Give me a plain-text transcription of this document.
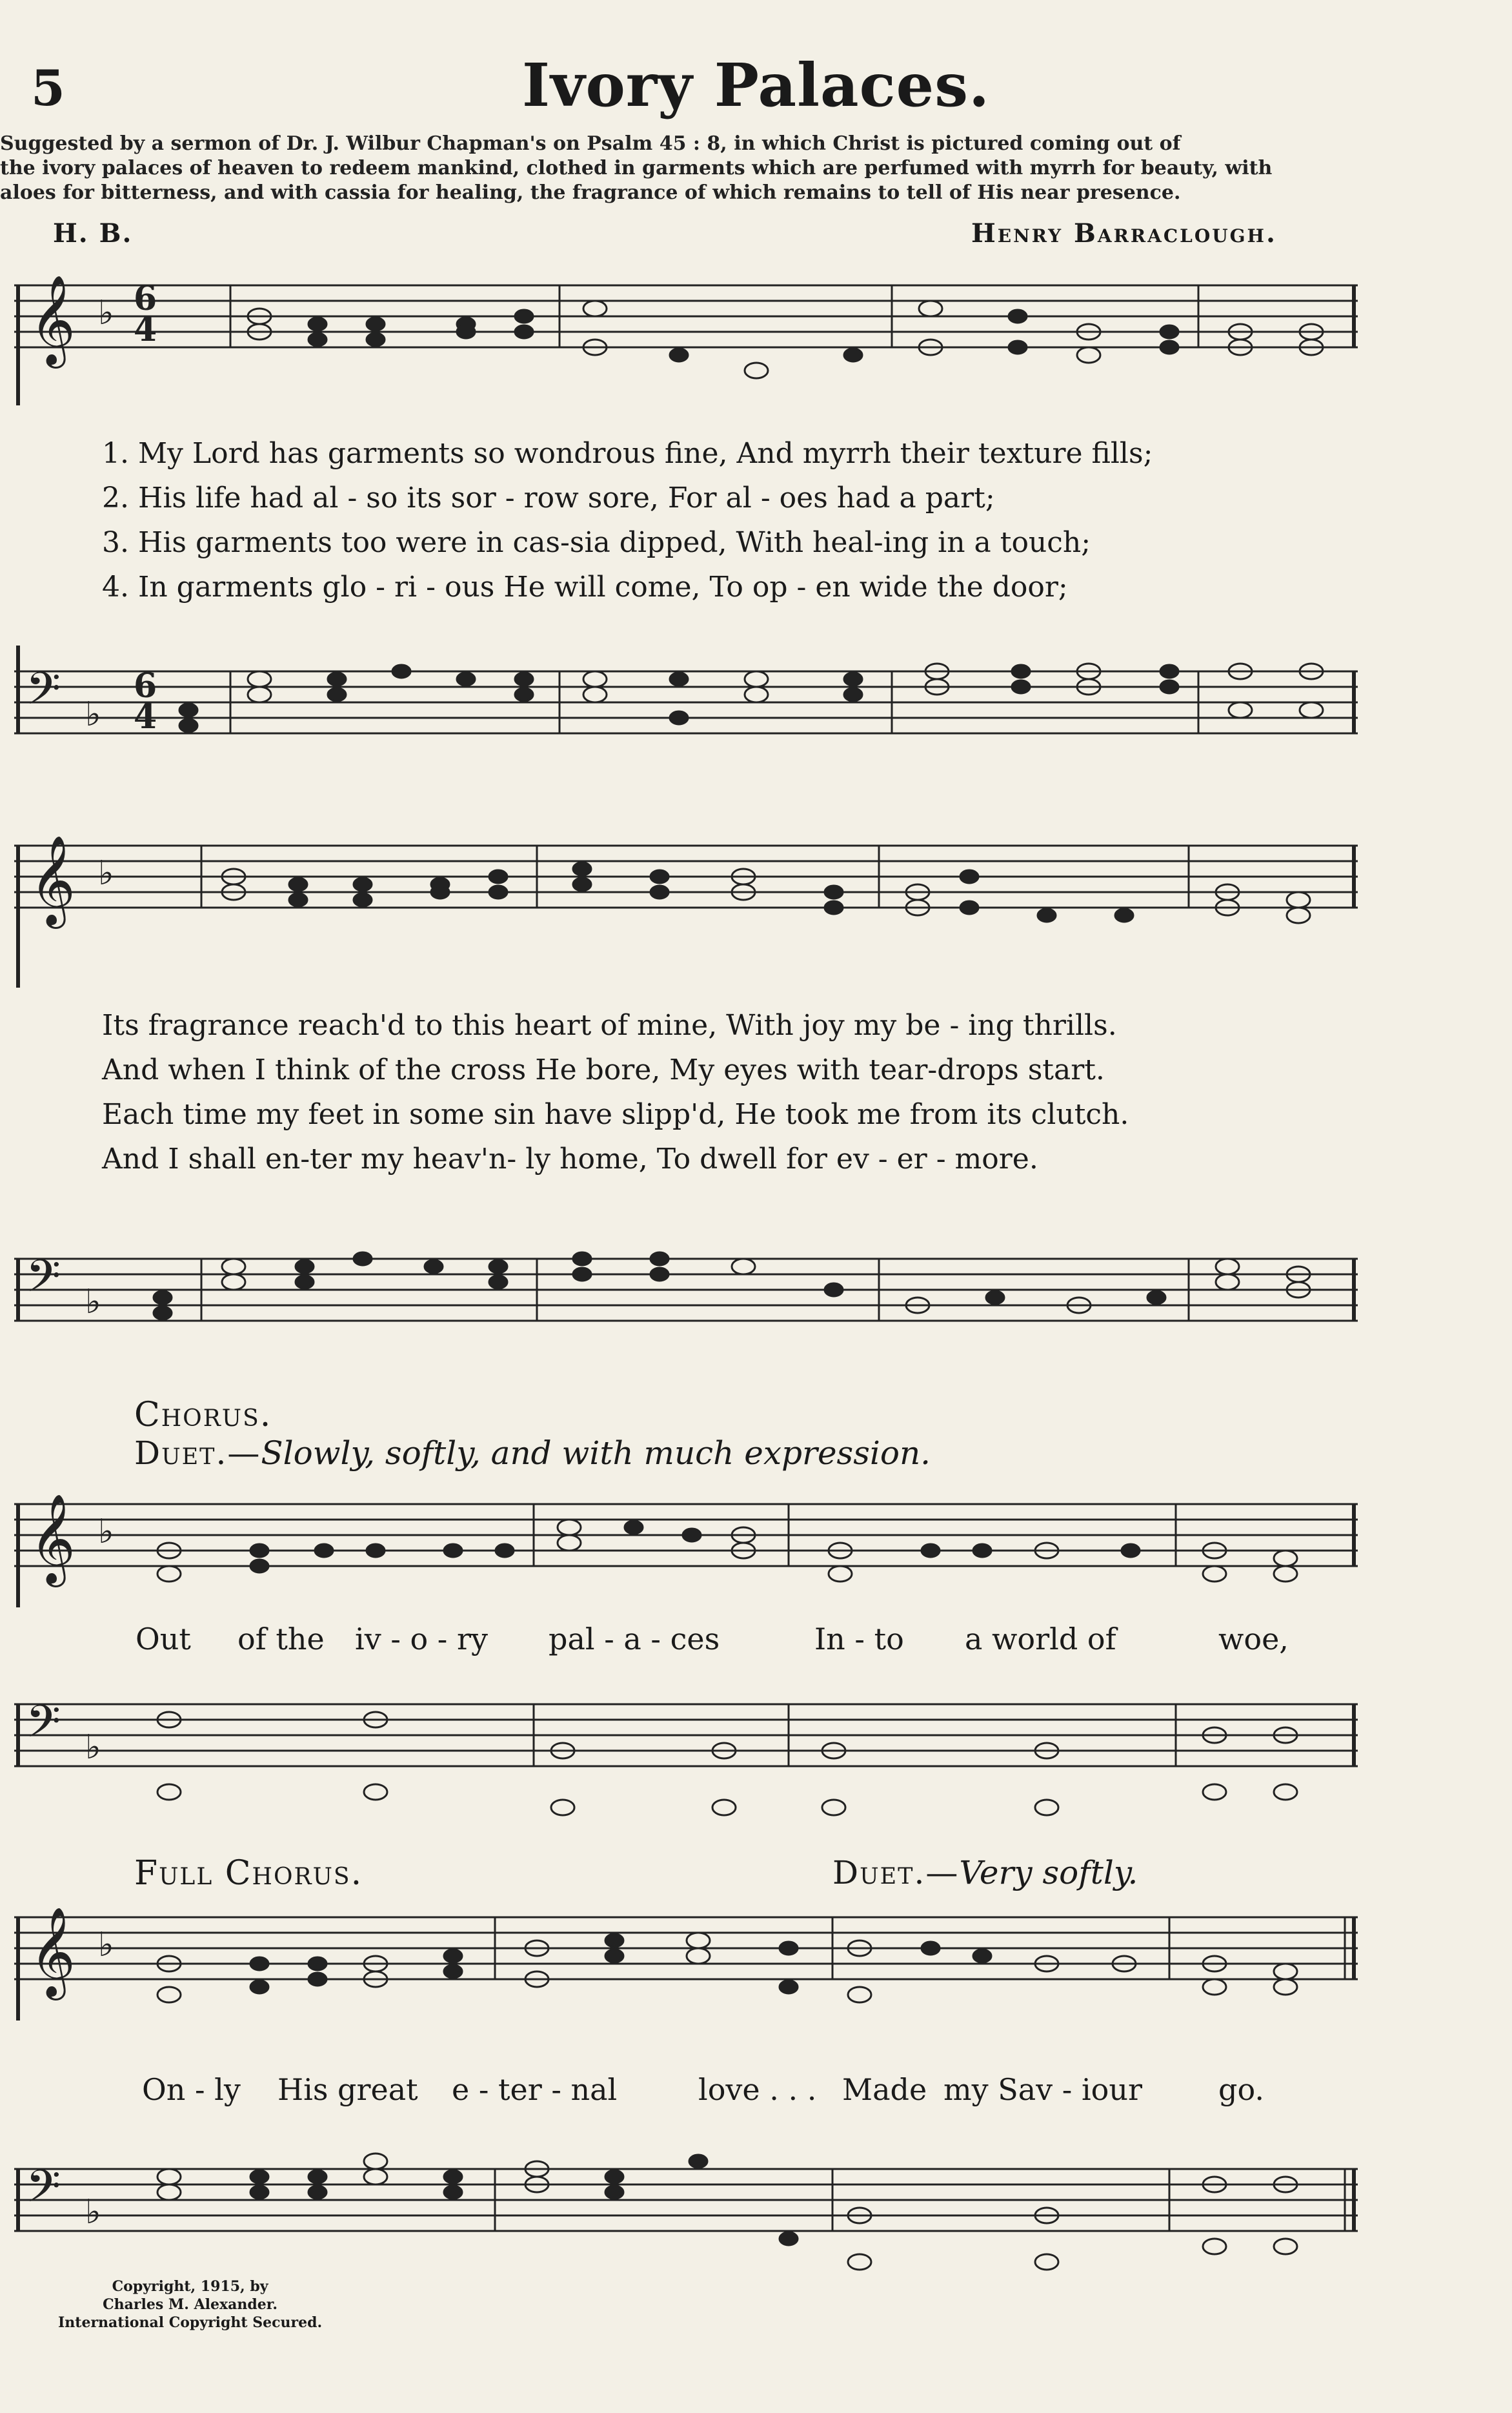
5	Ivory Palaces.
Suggested by a sermon of Dr. J. Wilbur Chapman's on Psalm 45 : 8, in which Christ is pictured coming out of
the ivory palaces of heaven to redeem mankind, clothed in garments which are perfumed with myrrh for beauty, with
aloes for bitterness, and with cassia for healing, the fragrance of which remains to tell of His near presence.
H. B.	Henry Barraclough.
𝄞 ♭ 6
4
1. My Lord has garments so wondrous fine, And myrrh their texture fills;
2. His life had al - so its sor - row sore, For al - oes had a part;
3. His garments too were in cas-sia dipped, With heal-ing in a touch;
4. In garments glo - ri - ous He will come, To op - en wide the door;
𝄢 ♭
6
4
𝄞 ♭
Its fragrance reach'd to this heart of mine, With joy my be - ing thrills.
And when I think of the cross He bore, My eyes with tear-drops start.
Each time my feet in some sin have slipp'd, He took me from its clutch.
And I shall en-ter my heav'n- ly home, To dwell for ev - er - more.
𝄢 ♭
Chorus.
Duet.—Slowly, softly, and with much expression.
𝄞 ♭
Out of the iv - o - ry pal - a - ces	In - to a world of	woe,
𝄢 ♭
Full Chorus.	Duet.—Very softly.
𝄞 ♭
On - ly His great e - ter - nal	love . . . Made my Sav - iour	go.
𝄢 ♭
Copyright, 1915, by
Charles M. Alexander.
International Copyright Secured.
